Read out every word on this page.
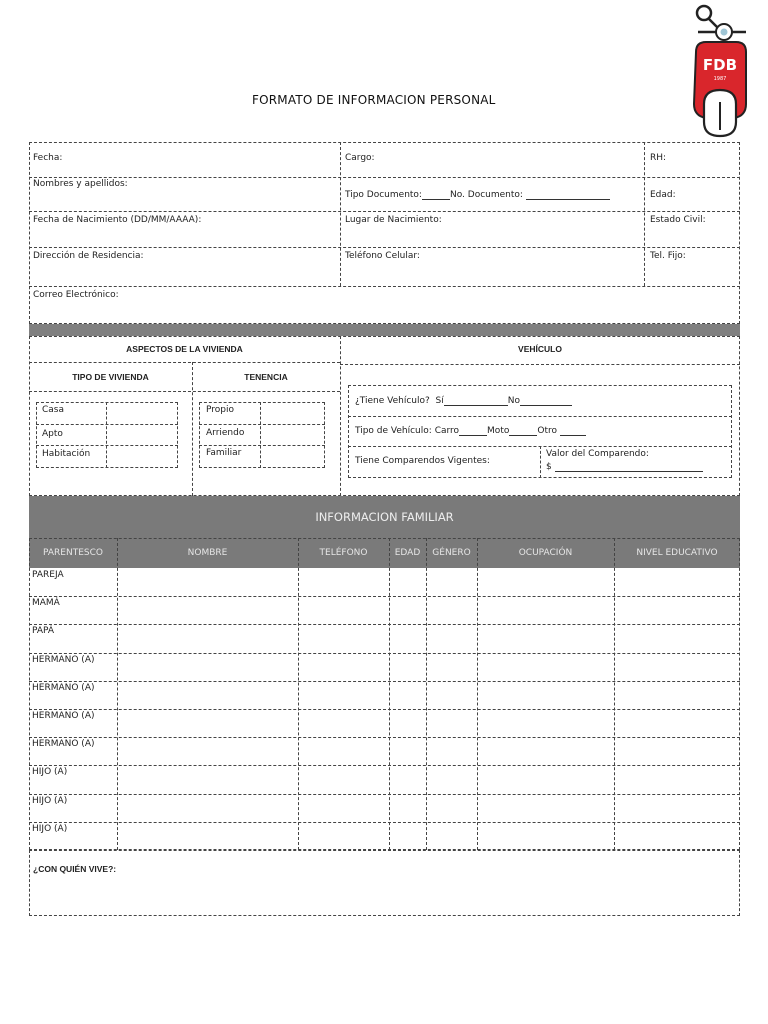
FORMATO DE INFORMACION PERSONAL
FDB
1987
Fecha:	Cargo:	RH:
Nombres y apellidos:
Tipo Documento:	No. Documento:	Edad:
Fecha de Nacimiento (DD/MM/AAAA):	Lugar de Nacimiento:	Estado Civil:
Dirección de Residencia:	Teléfono Celular:	Tel. Fijo:
Correo Electrónico:
ASPECTOS DE LA VIVIENDA	VEHÍCULO
TIPO DE VIVIENDA	TENENCIA
Casa
Apto
Habitación
Propio
Arriendo
Familiar
¿Tiene Vehículo? Sí	No
Tipo de Vehículo: Carro	Moto	Otro
Tiene Comparendos Vigentes:
Valor del Comparendo:
$
INFORMACION FAMILIAR
PARENTESCO	NOMBRE	TELÉFONO	EDAD	GÉNERO	OCUPACIÓN	NIVEL EDUCATIVO
PAREJA
MAMÁ
PAPÁ
HERMANO (A)
HERMANO (A)
HERMANO (A)
HERMANO (A)
HIJO (A)
HIJO (A)
HIJO (A)
¿CON QUIÉN VIVE?:
